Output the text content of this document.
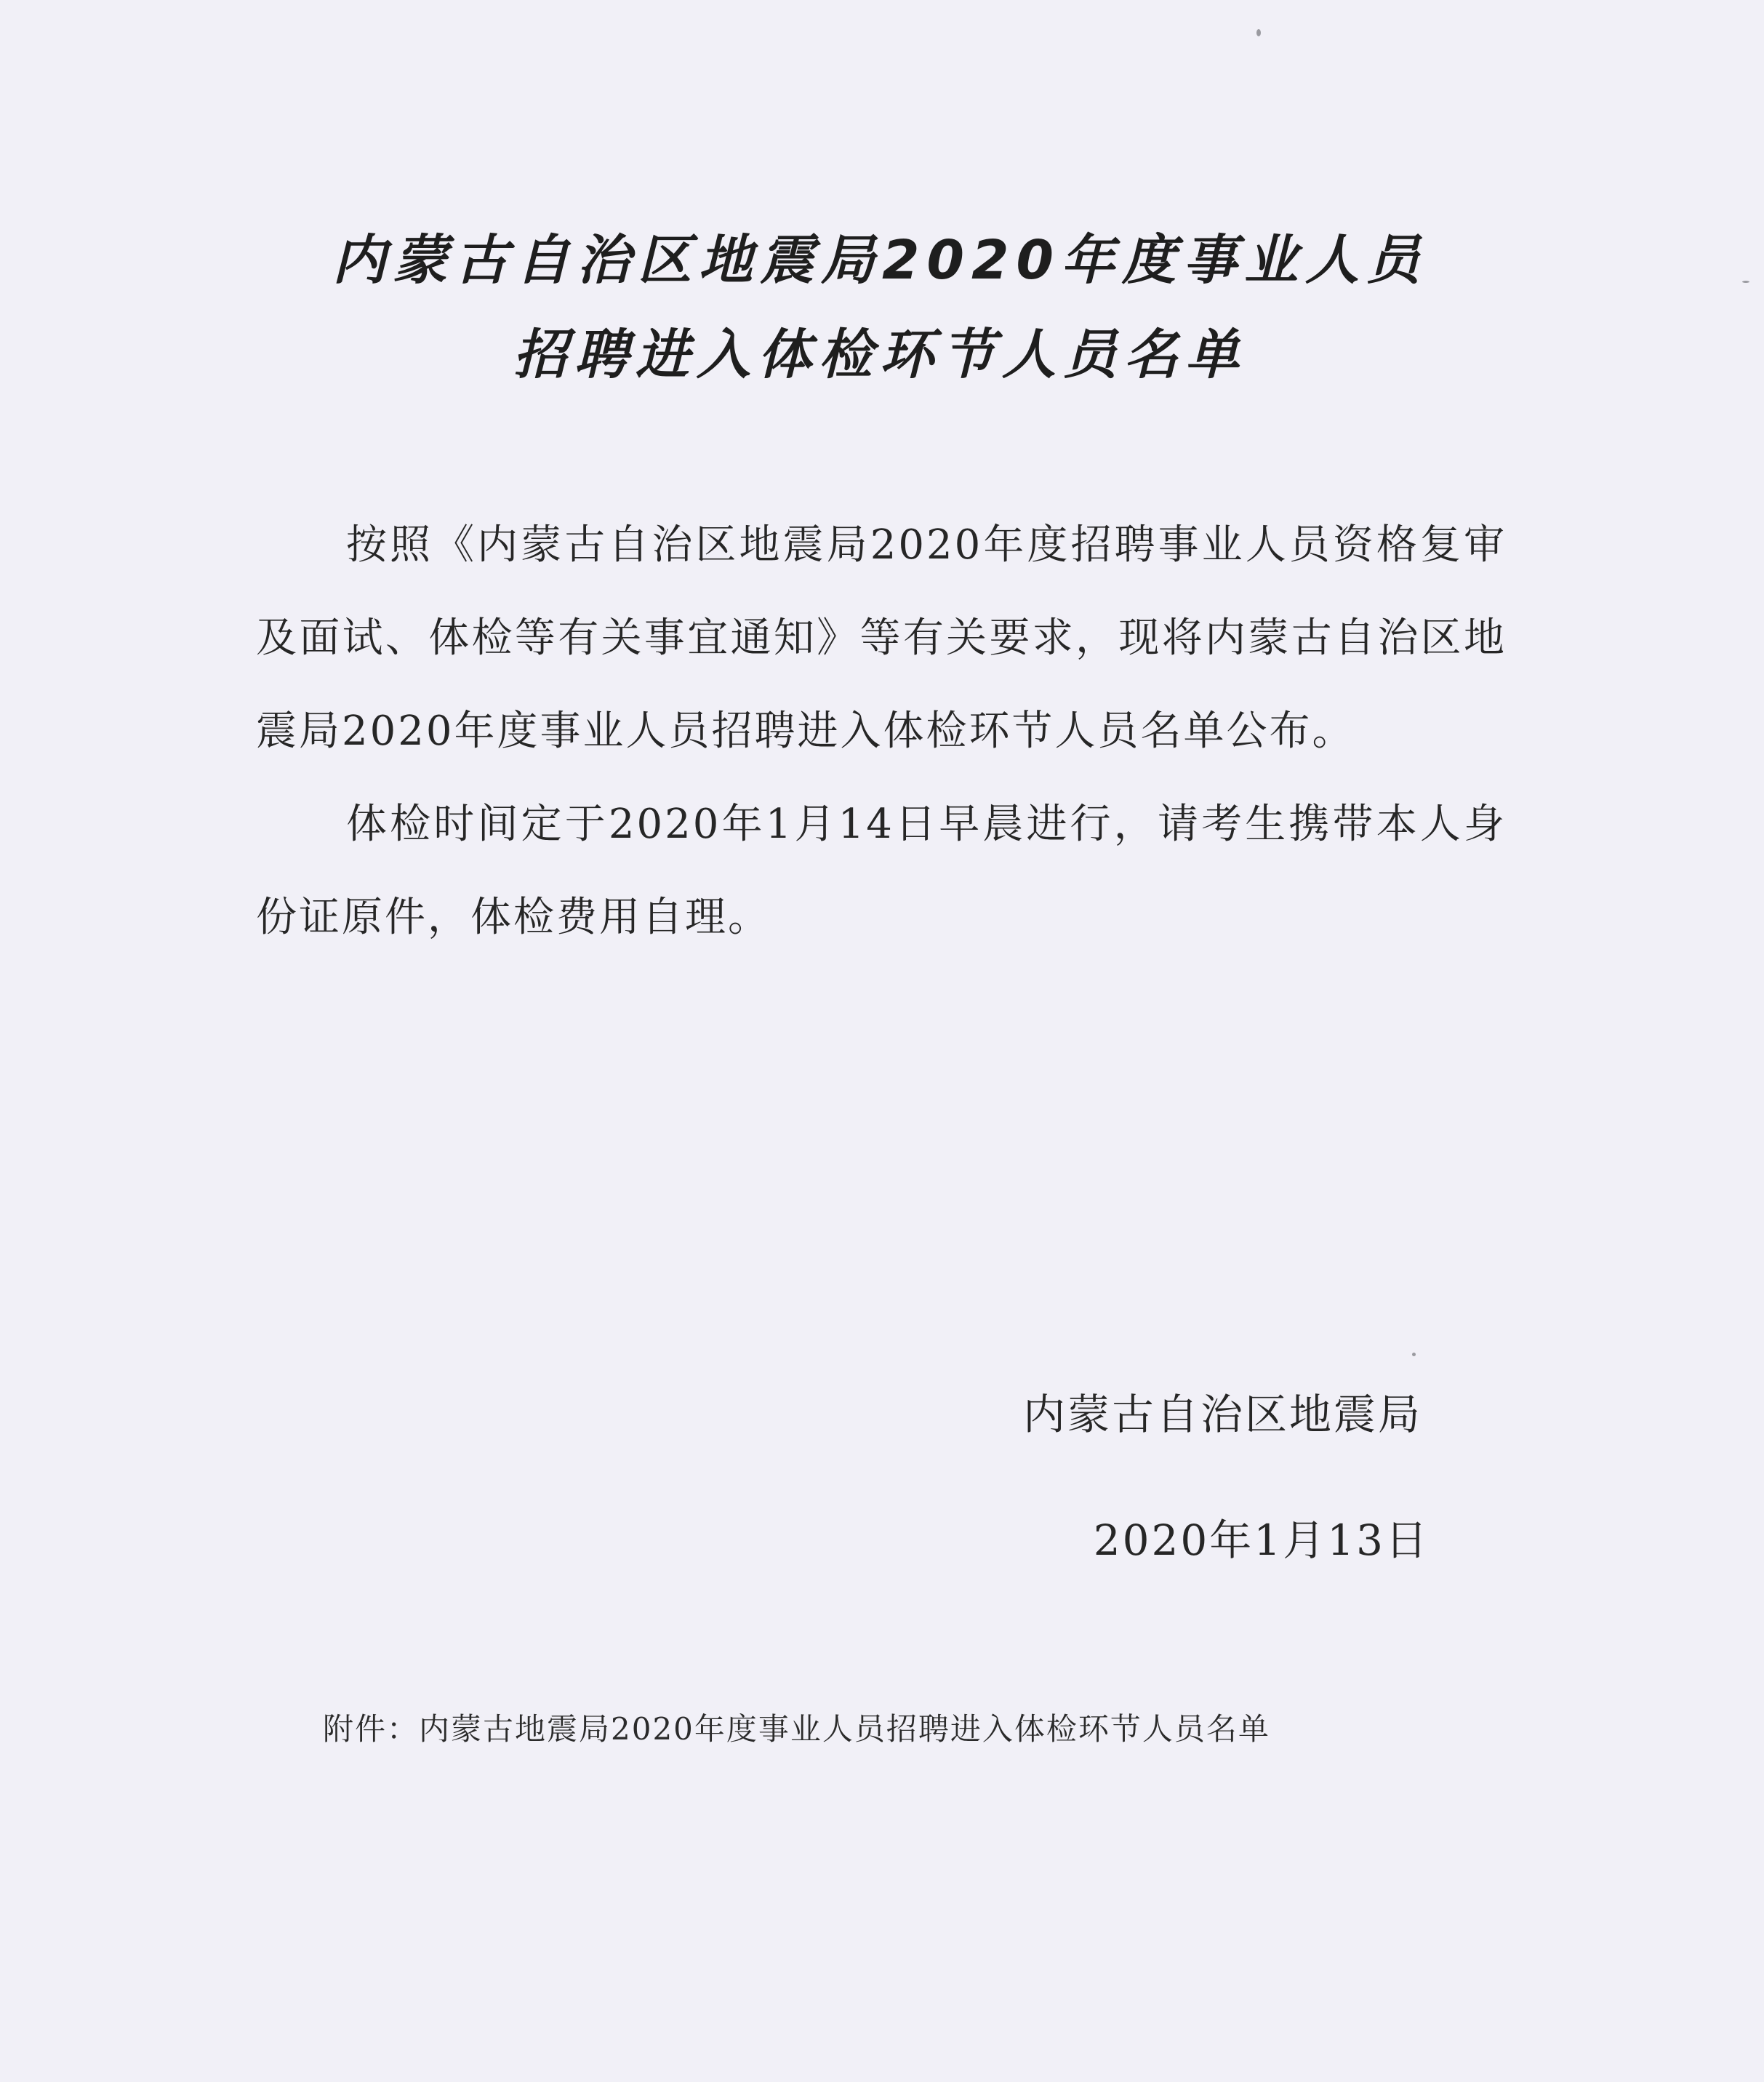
内蒙古自治区地震局2020年度事业人员
招聘进入体检环节人员名单
按照《内蒙古自治区地震局2020年度招聘事业人员资格复审及面试、体检等有关事宜通知》等有关要求，现将内蒙古自治区地震局2020年度事业人员招聘进入体检环节人员名单公布。
体检时间定于2020年1月14日早晨进行，请考生携带本人身份证原件，体检费用自理。
内蒙古自治区地震局
2020年1月13日
附件：内蒙古地震局2020年度事业人员招聘进入体检环节人员名单
